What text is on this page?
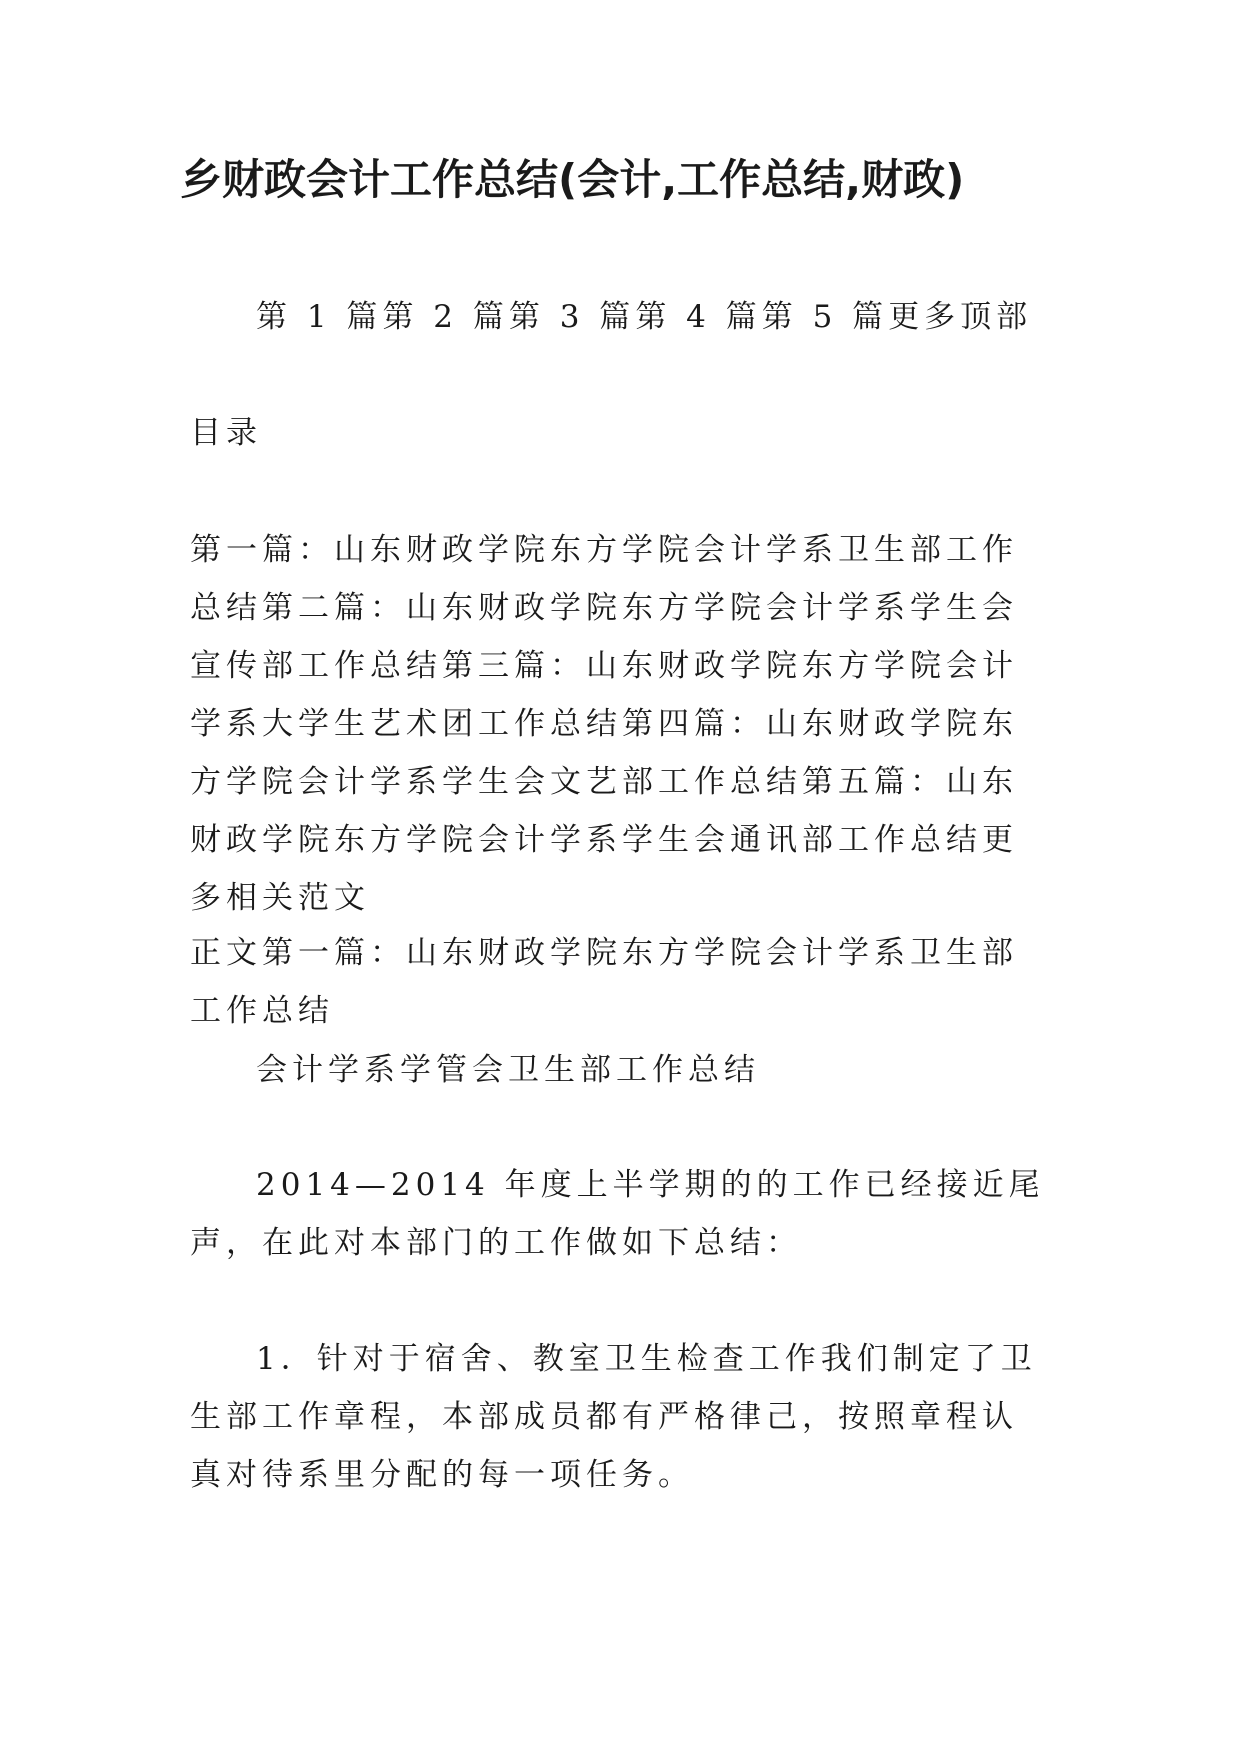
乡财政会计工作总结(会计,工作总结,财政)

第 1 篇第 2 篇第 3 篇第 4 篇第 5 篇更多顶部

目录

第一篇：山东财政学院东方学院会计学系卫生部工作总结第二篇：山东财政学院东方学院会计学系学生会宣传部工作总结第三篇：山东财政学院东方学院会计学系大学生艺术团工作总结第四篇：山东财政学院东方学院会计学系学生会文艺部工作总结第五篇：山东财政学院东方学院会计学系学生会通讯部工作总结更多相关范文

正文第一篇：山东财政学院东方学院会计学系卫生部工作总结

会计学系学管会卫生部工作总结

2014—2014 年度上半学期的的工作已经接近尾声，在此对本部门的工作做如下总结：

1．针对于宿舍、教室卫生检查工作我们制定了卫生部工作章程，本部成员都有严格律己，按照章程认真对待系里分配的每一项任务。
